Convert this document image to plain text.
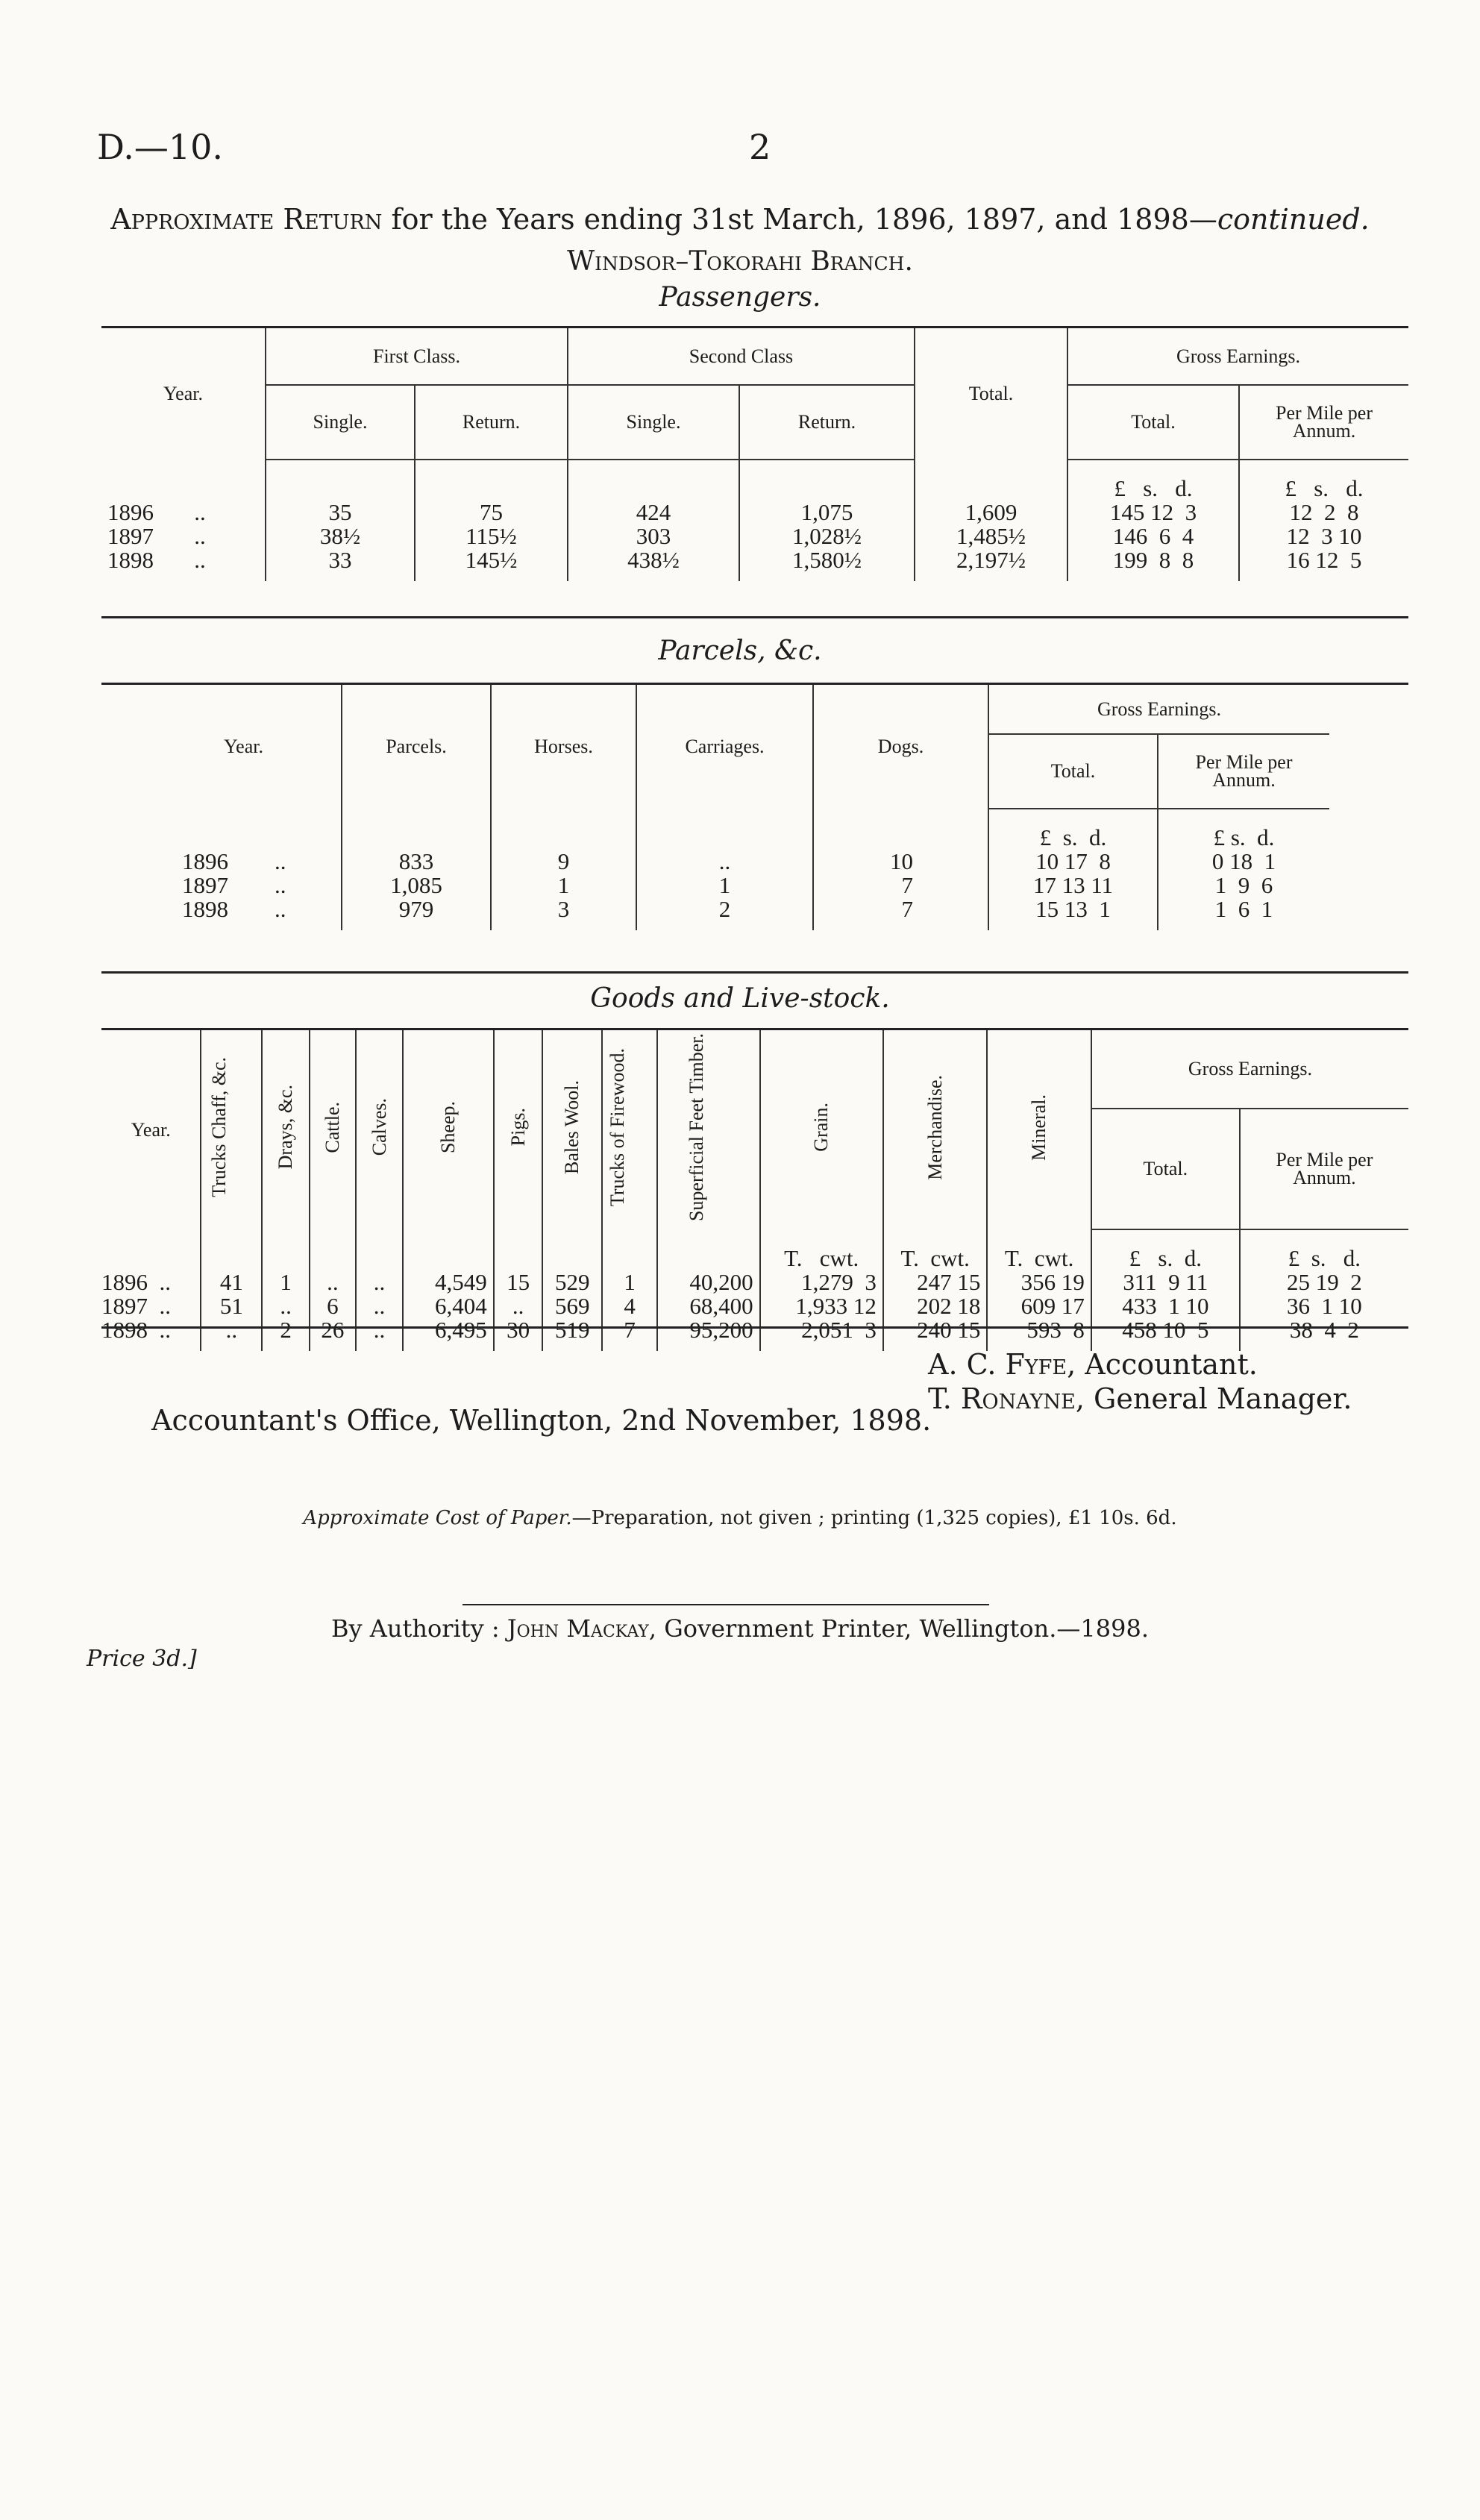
D.—10.	2
Approximate Return for the Years ending 31st March, 1896, 1897, and 1898—continued.
Windsor–Tokorahi Branch.
Passengers.
Year.	First Class.		Second Class		Total.	Gross Earnings.	
	Single.	Return.	Single.	Return.		Total.	Per Mile per Annum.
						£   s.   d.	£   s.   d.
1896 ..	35	75	424	1,075	1,609	145 12  3	12  2  8
1897 ..	38½	115½	303	1,028½	1,485½	146  6  4	12  3 10
1898 ..	33	145½	438½	1,580½	2,197½	199  8  8	16 12  5
Parcels, &c.
Year.	Parcels.	Horses.	Carriages.	Dogs.	Gross Earnings.	
					Total.	Per Mile per Annum.
					£  s.  d.	£ s.  d.
1896 ..	833	9	..	10	10 17  8	0 18  1
1897 ..	1,085	1	1	7	17 13 11	1  9  6
1898 ..	979	3	2	7	15 13  1	1  6  1
Goods and Live-stock.
Year.	Trucks Chaff, &c.	Drays, &c.	Cattle.	Calves.	Sheep.	Pigs.	Bales Wool.	Trucks of Firewood.	Superficial Feet Timber.	Grain.	Merchandise.	Mineral.	Gross Earnings.	
													Total.	Per Mile per Annum.
										T.   cwt.	T.  cwt.	T.  cwt.	£   s.  d.	£  s.   d.
1896 ..	41	1	..	..	4,549	15	529	1	40,200	1,279  3	247 15	356 19	311  9 11	25 19  2
1897 ..	51	..	6	..	6,404	..	569	4	68,400	1,933 12	202 18	609 17	433  1 10	36  1 10
1898 ..	..	2	26	..	6,495	30	519	7	95,200	2,051  3	240 15	593  8	458 10  5	38  4  2
A. C. Fyfe, Accountant.
T. Ronayne, General Manager.
Accountant's Office, Wellington, 2nd November, 1898.
Approximate Cost of Paper.—Preparation, not given ; printing (1,325 copies), £1 10s. 6d.
By Authority : John Mackay, Government Printer, Wellington.—1898.
Price 3d.]
